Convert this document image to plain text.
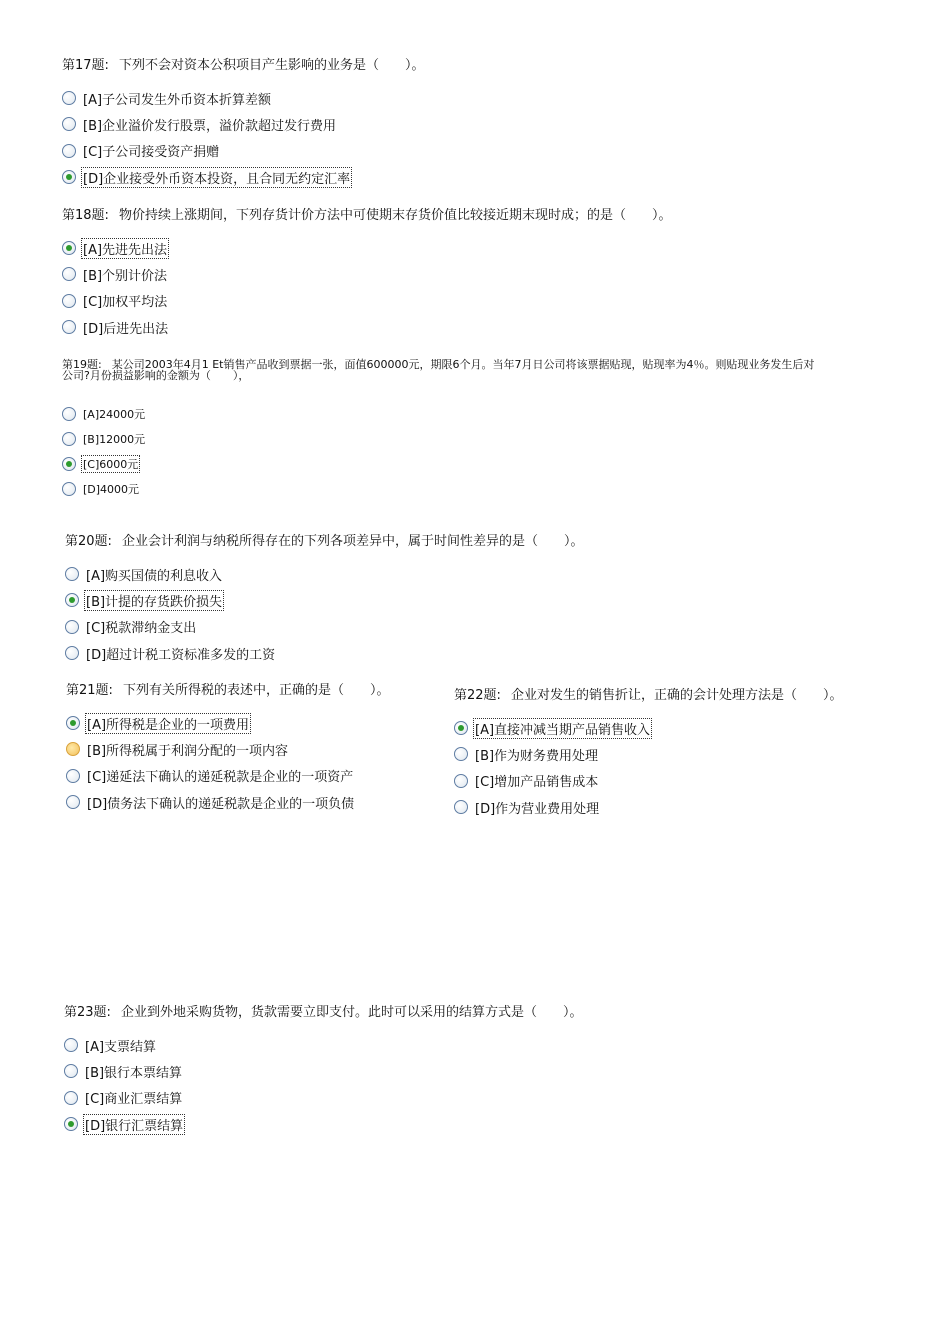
第17题: 下列不会对资本公积项目产生影响的业务是（　　）。
[A]子公司发生外币资本折算差额
[B]企业溢价发行股票，溢价款超过发行费用
[C]子公司接受资产捐赠
[D]企业接受外币资本投资，且合同无约定汇率
第18题: 物价持续上涨期间，下列存货计价方法中可使期末存货价值比较接近期末现时成；的是（　　）。
[A]先进先出法
[B]个别计价法
[C]加权平均法
[D]后进先出法
第19题: 某公司2003年4月1 Et销售产品收到票据一张，面值600000元，期限6个月。当年7月日公司将该票据贴现，贴现率为4％。则贴现业务发生后对公司?月份损益影响的金额为（　　），
[A]24000元
[B]12000元
[C]6000元
[D]4000元
第20题: 企业会计利润与纳税所得存在的下列各项差异中，属于时间性差异的是（　　）。
[A]购买国债的利息收入
[B]计提的存货跌价损失
[C]税款滞纳金支出
[D]超过计税工资标准多发的工资
第21题: 下列有关所得税的表述中，正确的是（　　）。
[A]所得税是企业的一项费用
[B]所得税属于利润分配的一项内容
[C]递延法下确认的递延税款是企业的一项资产
[D]债务法下确认的递延税款是企业的一项负债
第22题: 企业对发生的销售折让，正确的会计处理方法是（　　）。
[A]直接冲减当期产品销售收入
[B]作为财务费用处理
[C]增加产品销售成本
[D]作为营业费用处理
第23题: 企业到外地采购货物，货款需要立即支付。此时可以采用的结算方式是（　　）。
[A]支票结算
[B]银行本票结算
[C]商业汇票结算
[D]银行汇票结算
